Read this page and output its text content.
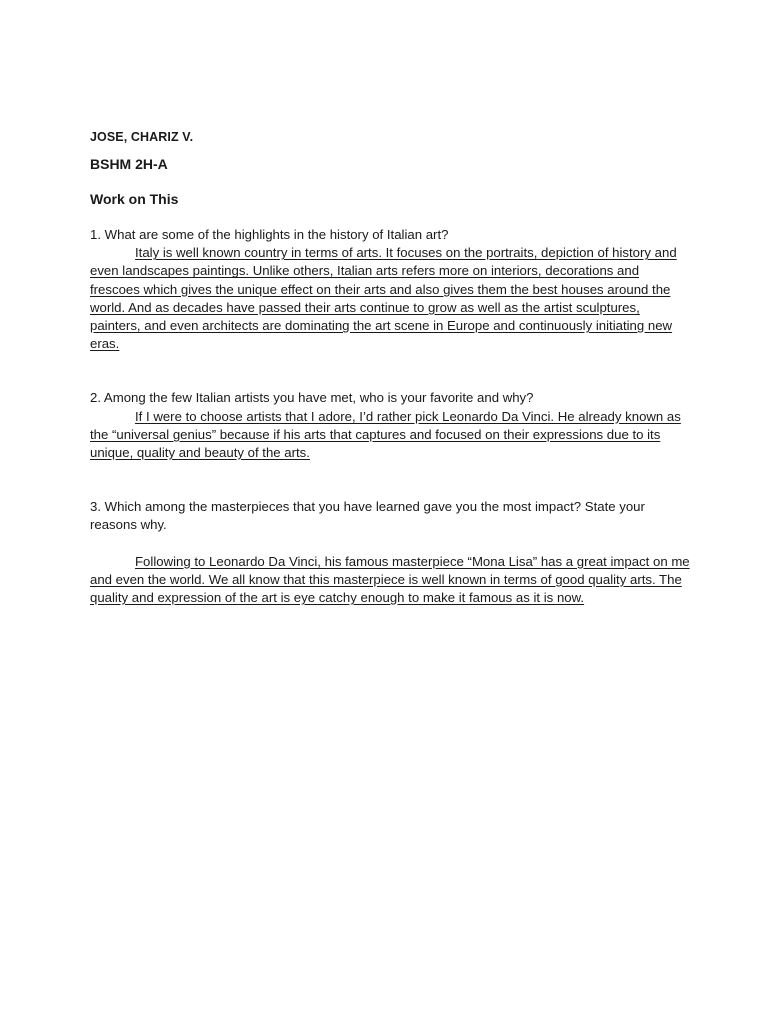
JOSE, CHARIZ V.

BSHM 2H-A

Work on This

1. What are some of the highlights in the history of Italian art?

Italy is well known country in terms of arts. It focuses on the portraits, depiction of history and even landscapes paintings. Unlike others, Italian arts refers more on interiors, decorations and frescoes which gives the unique effect on their arts and also gives them the best houses around the world. And as decades have passed their arts continue to grow as well as the artist sculptures, painters, and even architects are dominating the art scene in Europe and continuously initiating new eras.

2. Among the few Italian artists you have met, who is your favorite and why?

If I were to choose artists that I adore, I’d rather pick Leonardo Da Vinci. He already known as the “universal genius” because if his arts that captures and focused on their expressions due to its unique, quality and beauty of the arts.

3. Which among the masterpieces that you have learned gave you the most impact? State your reasons why.

Following to Leonardo Da Vinci, his famous masterpiece “Mona Lisa” has a great impact on me and even the world. We all know that this masterpiece is well known in terms of good quality arts. The quality and expression of the art is eye catchy enough to make it famous as it is now.
